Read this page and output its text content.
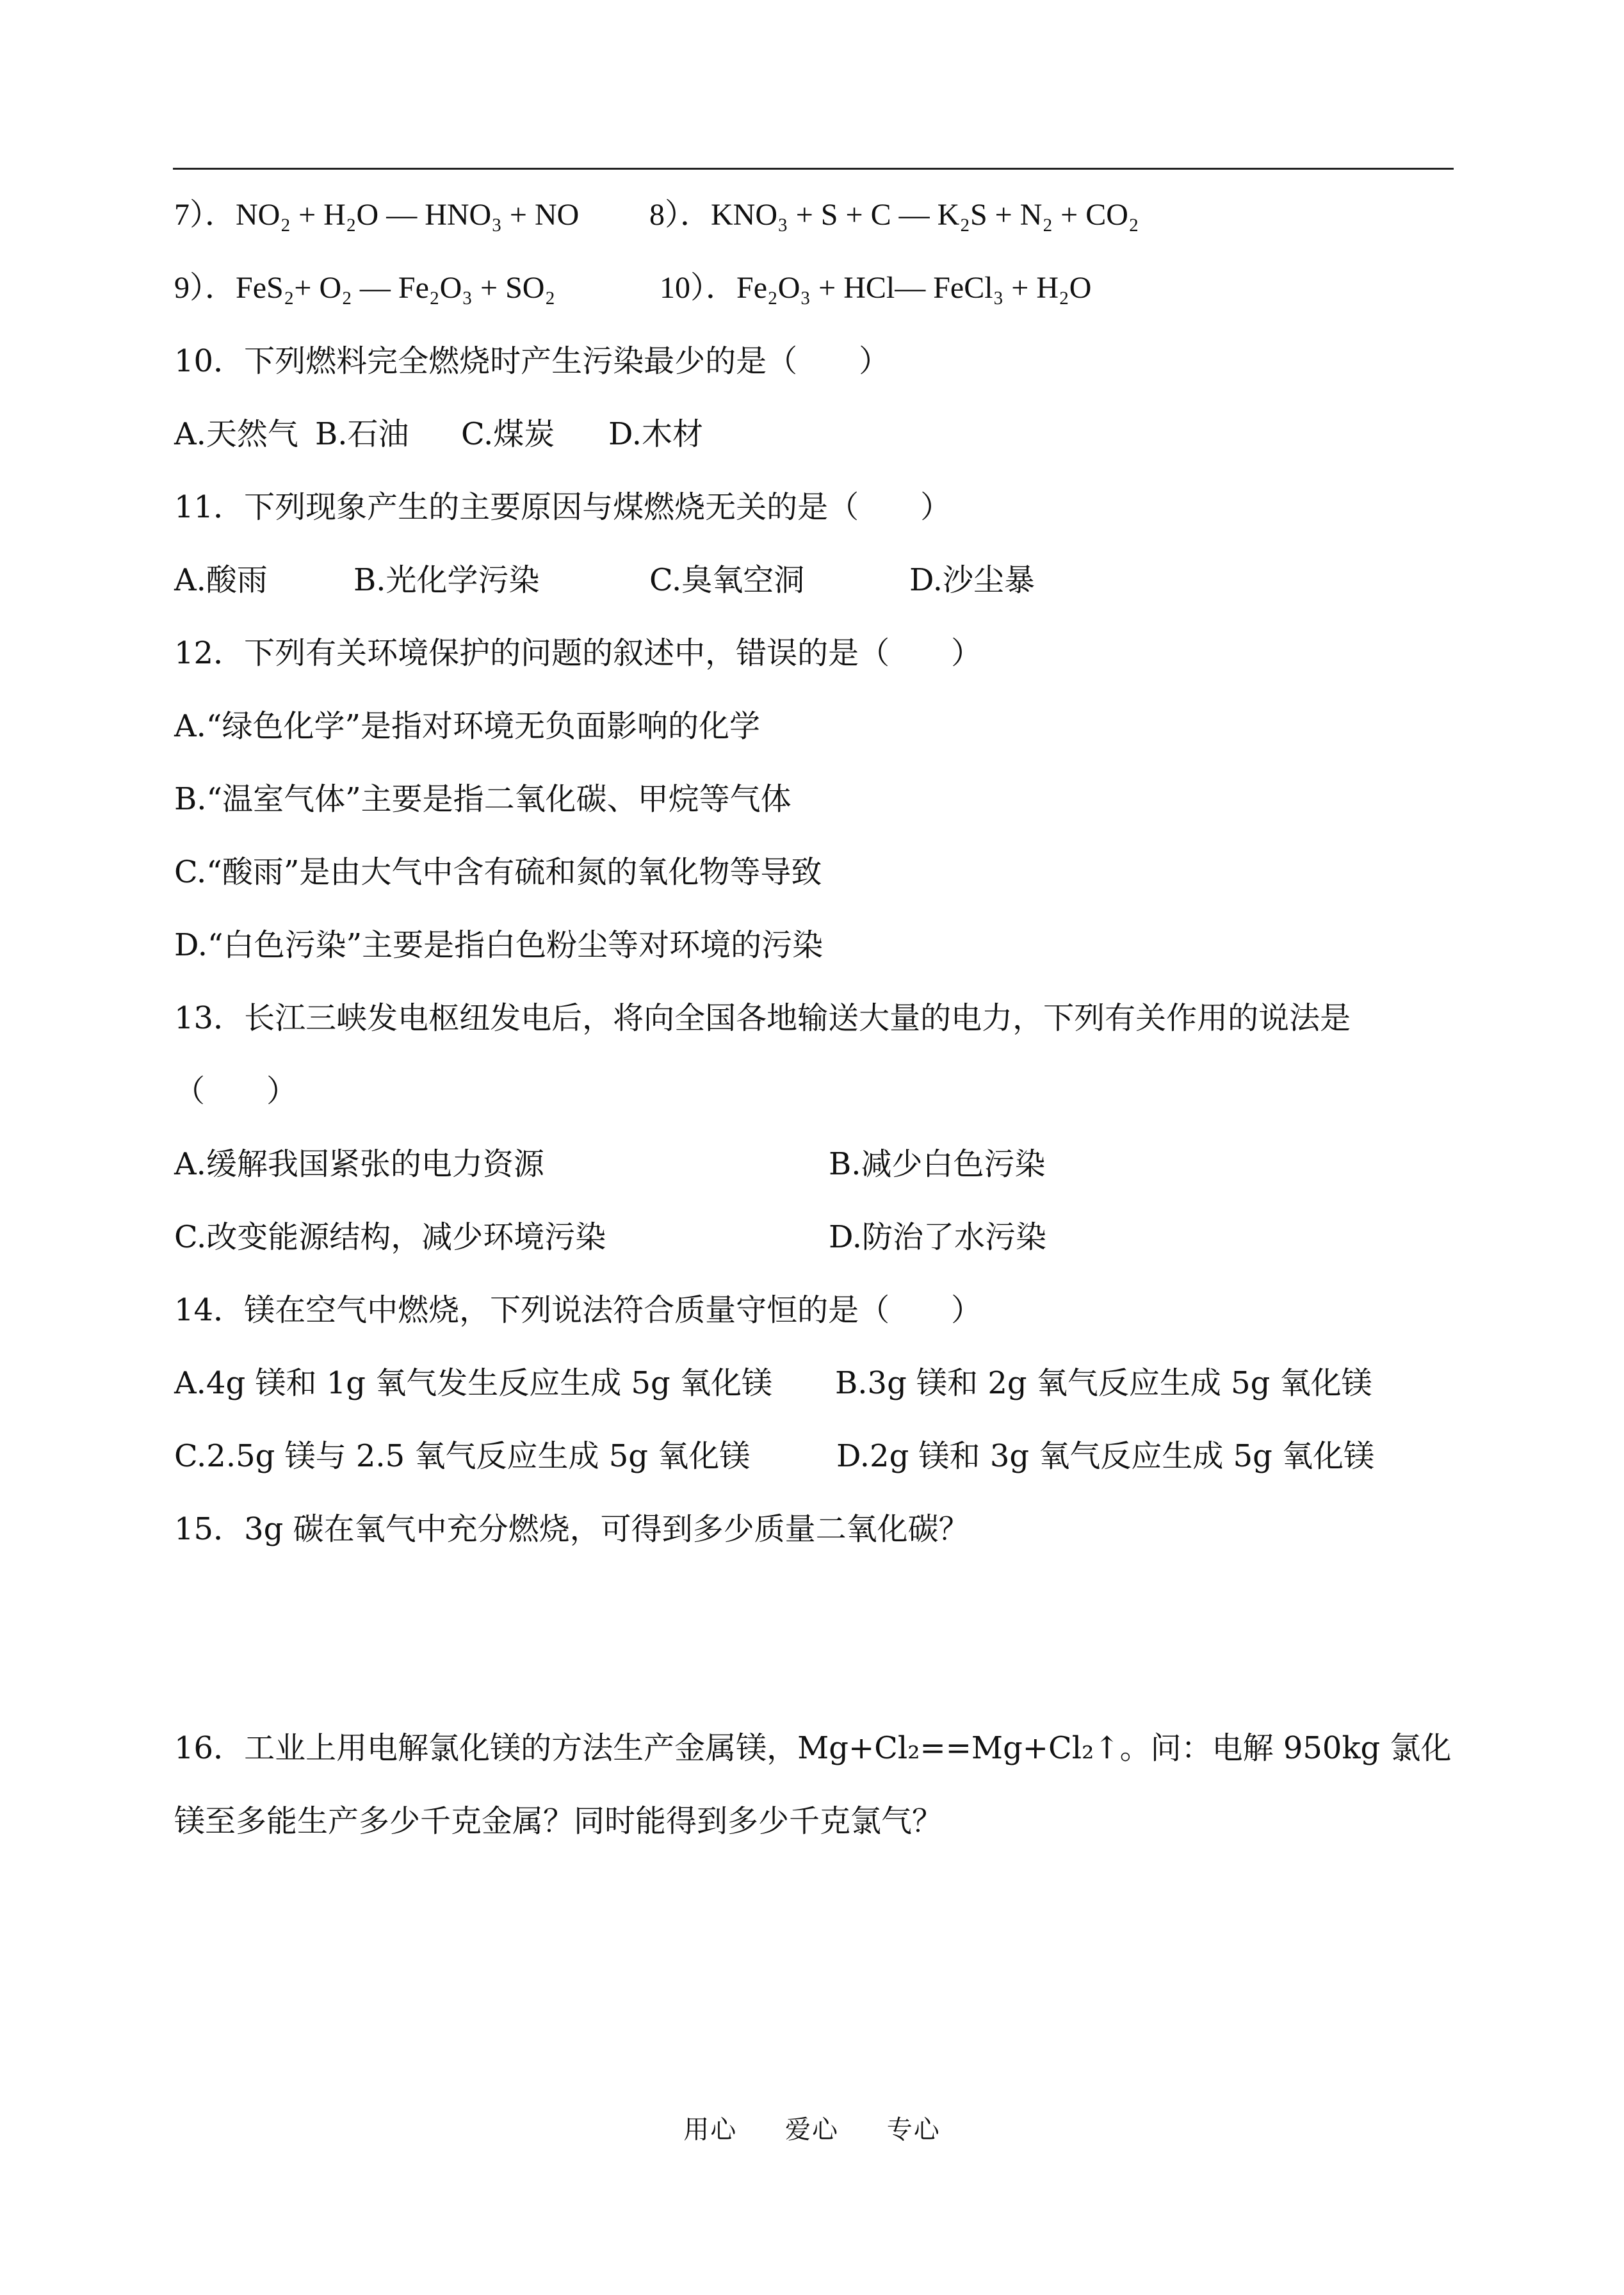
7）．NO₂ + H₂O — HNO₃ + NO 8）．KNO₃ + S + C — K₂S + N₂ + CO₂
9）．FeS₂+ O₂ — Fe₂O₃ + SO₂	10）．Fe₂O₃ + HCl— FeCl₃ + H₂O
10．下列燃料完全燃烧时产生污染最少的是（　　）
A.天然气 B.石油 C.煤炭 D.木材
11．下列现象产生的主要原因与煤燃烧无关的是（　　）
A.酸雨	B.光化学污染	C.臭氧空洞	D.沙尘暴
12．下列有关环境保护的问题的叙述中，错误的是（　　）
A.“绿色化学”是指对环境无负面影响的化学
B.“温室气体”主要是指二氧化碳、甲烷等气体
C.“酸雨”是由大气中含有硫和氮的氧化物等导致
D.“白色污染”主要是指白色粉尘等对环境的污染
13．长江三峡发电枢纽发电后，将向全国各地输送大量的电力，下列有关作用的说法是
（　　）
A.缓解我国紧张的电力资源	B.减少白色污染
C.改变能源结构，减少环境污染	D.防治了水污染
14．镁在空气中燃烧，下列说法符合质量守恒的是（　　）
A.4g 镁和 1g 氧气发生反应生成 5g 氧化镁 B.3g 镁和 2g 氧气反应生成 5g 氧化镁
C.2.5g 镁与 2.5 氧气反应生成 5g 氧化镁	D.2g 镁和 3g 氧气反应生成 5g 氧化镁
15．3g 碳在氧气中充分燃烧，可得到多少质量二氧化碳？
16．工业上用电解氯化镁的方法生产金属镁，Mg+Cl₂==Mg+Cl₂↑。问：电解 950kg 氯化
镁至多能生产多少千克金属？同时能得到多少千克氯气？
用心 爱心 专心
